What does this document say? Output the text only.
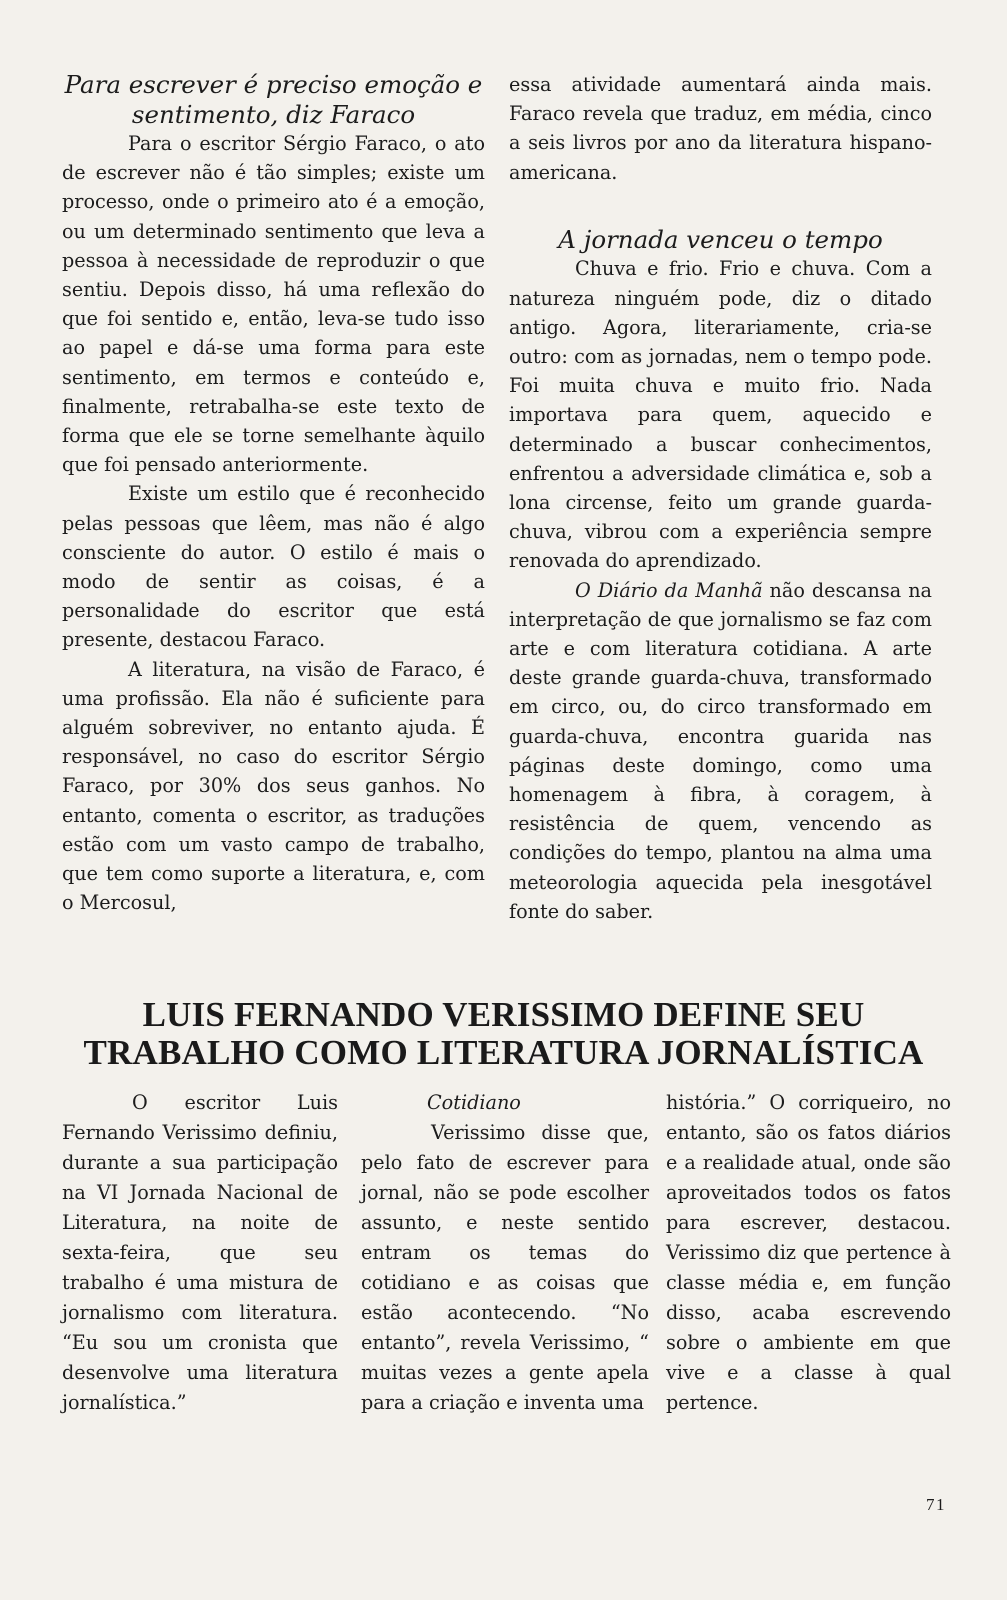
Para escrever é preciso emoção e sentimento, diz Faraco

Para o escritor Sérgio Faraco, o ato de escrever não é tão simples; existe um processo, onde o primeiro ato é a emoção, ou um determinado sentimento que leva a pessoa à necessidade de reproduzir o que sentiu. Depois disso, há uma reflexão do que foi sentido e, então, leva-se tudo isso ao papel e dá-se uma forma para este sentimento, em termos e conteúdo e, finalmente, retrabalha-se este texto de forma que ele se torne semelhante àquilo que foi pensado anteriormente.

Existe um estilo que é reconhecido pelas pessoas que lêem, mas não é algo consciente do autor. O estilo é mais o modo de sentir as coisas, é a personalidade do escritor que está presente, destacou Faraco.

A literatura, na visão de Faraco, é uma profissão. Ela não é suficiente para alguém sobreviver, no entanto ajuda. É responsável, no caso do escritor Sérgio Faraco, por 30% dos seus ganhos. No entanto, comenta o escritor, as traduções estão com um vasto campo de trabalho, que tem como suporte a literatura, e, com o Mercosul,

essa atividade aumentará ainda mais. Faraco revela que traduz, em média, cinco a seis livros por ano da literatura hispano-americana.

A jornada venceu o tempo

Chuva e frio. Frio e chuva. Com a natureza ninguém pode, diz o ditado antigo. Agora, literariamente, cria-se outro: com as jornadas, nem o tempo pode. Foi muita chuva e muito frio. Nada importava para quem, aquecido e determinado a buscar conhecimentos, enfrentou a adversidade climática e, sob a lona circense, feito um grande guarda-chuva, vibrou com a experiência sempre renovada do aprendizado.

O Diário da Manhã não descansa na interpretação de que jornalismo se faz com arte e com literatura cotidiana. A arte deste grande guarda-chuva, transformado em circo, ou, do circo transformado em guarda-chuva, encontra guarida nas páginas deste domingo, como uma homenagem à fibra, à coragem, à resistência de quem, vencendo as condições do tempo, plantou na alma uma meteorologia aquecida pela inesgotável fonte do saber.

LUIS FERNANDO VERISSIMO DEFINE SEU
TRABALHO COMO LITERATURA JORNALÍSTICA

O escritor Luis Fernando Verissimo definiu, durante a sua participação na VI Jornada Nacional de Literatura, na noite de sexta-feira, que seu trabalho é uma mistura de jornalismo com literatura. “Eu sou um cronista que desenvolve uma literatura jornalística.”

Cotidiano

Verissimo disse que, pelo fato de escrever para jornal, não se pode escolher assunto, e neste sentido entram os temas do cotidiano e as coisas que estão acontecendo. “No entanto”, revela Verissimo, “ muitas vezes a gente apela para a criação e inventa uma

história.” O corriqueiro, no entanto, são os fatos diários e a realidade atual, onde são aproveitados todos os fatos para escrever, destacou. Verissimo diz que pertence à classe média e, em função disso, acaba escrevendo sobre o ambiente em que vive e a classe à qual pertence.

71
